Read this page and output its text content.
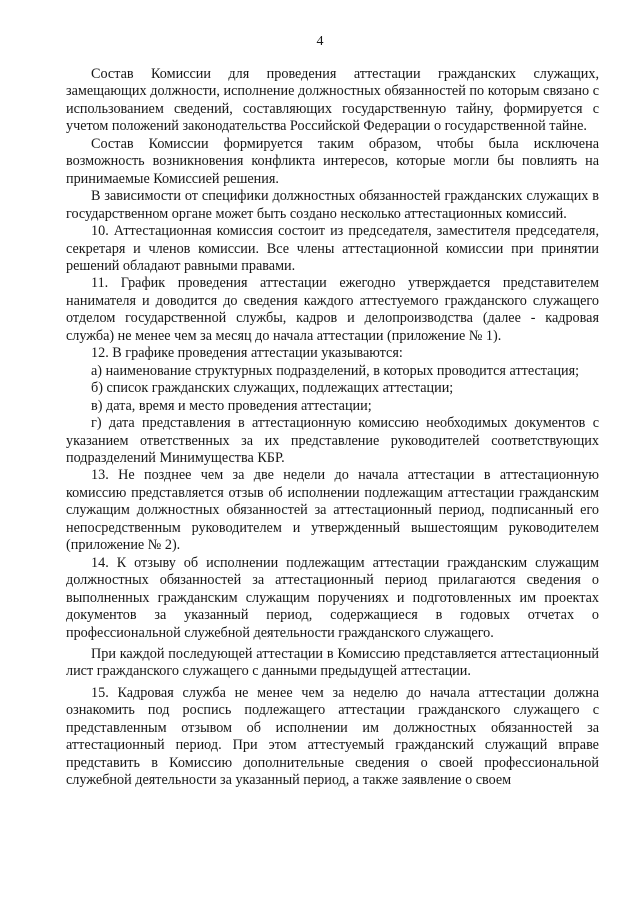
4

Состав Комиссии для проведения аттестации гражданских служащих, замещающих должности, исполнение должностных обязанностей по которым связано с использованием сведений, составляющих государственную тайну, формируется с учетом положений законодательства Российской Федерации о государственной тайне.

Состав Комиссии формируется таким образом, чтобы была исключена возможность возникновения конфликта интересов, которые могли бы повлиять на принимаемые Комиссией решения.

В зависимости от специфики должностных обязанностей гражданских служащих в государственном органе может быть создано несколько аттестационных комиссий.

10. Аттестационная комиссия состоит из председателя, заместителя председателя, секретаря и членов комиссии. Все члены аттестационной комиссии при принятии решений обладают равными правами.

11. График проведения аттестации ежегодно утверждается представителем нанимателя и доводится до сведения каждого аттестуемого гражданского служащего отделом государственной службы, кадров и делопроизводства (далее - кадровая служба) не менее чем за месяц до начала аттестации (приложение № 1).

12. В графике проведения аттестации указываются:

а) наименование структурных подразделений, в которых проводится аттестация;

б) список гражданских служащих, подлежащих аттестации;

в) дата, время и место проведения аттестации;

г) дата представления в аттестационную комиссию необходимых документов с указанием ответственных за их представление руководителей соответствующих подразделений Минимущества КБР.

13. Не позднее чем за две недели до начала аттестации в аттестационную комиссию представляется отзыв об исполнении подлежащим аттестации гражданским служащим должностных обязанностей за аттестационный период, подписанный его непосредственным руководителем и утвержденный вышестоящим руководителем (приложение № 2).

14. К отзыву об исполнении подлежащим аттестации гражданским служащим должностных обязанностей за аттестационный период прилагаются сведения о выполненных гражданским служащим поручениях и подготовленных им проектах документов за указанный период, содержащиеся в годовых отчетах о профессиональной служебной деятельности гражданского служащего.

При каждой последующей аттестации в Комиссию представляется аттестационный лист гражданского служащего с данными предыдущей аттестации.

15. Кадровая служба не менее чем за неделю до начала аттестации должна ознакомить под роспись подлежащего аттестации гражданского служащего с представленным отзывом об исполнении им должностных обязанностей за аттестационный период. При этом аттестуемый гражданский служащий вправе представить в Комиссию дополнительные сведения о своей профессиональной служебной деятельности за указанный период, а также заявление о своем
